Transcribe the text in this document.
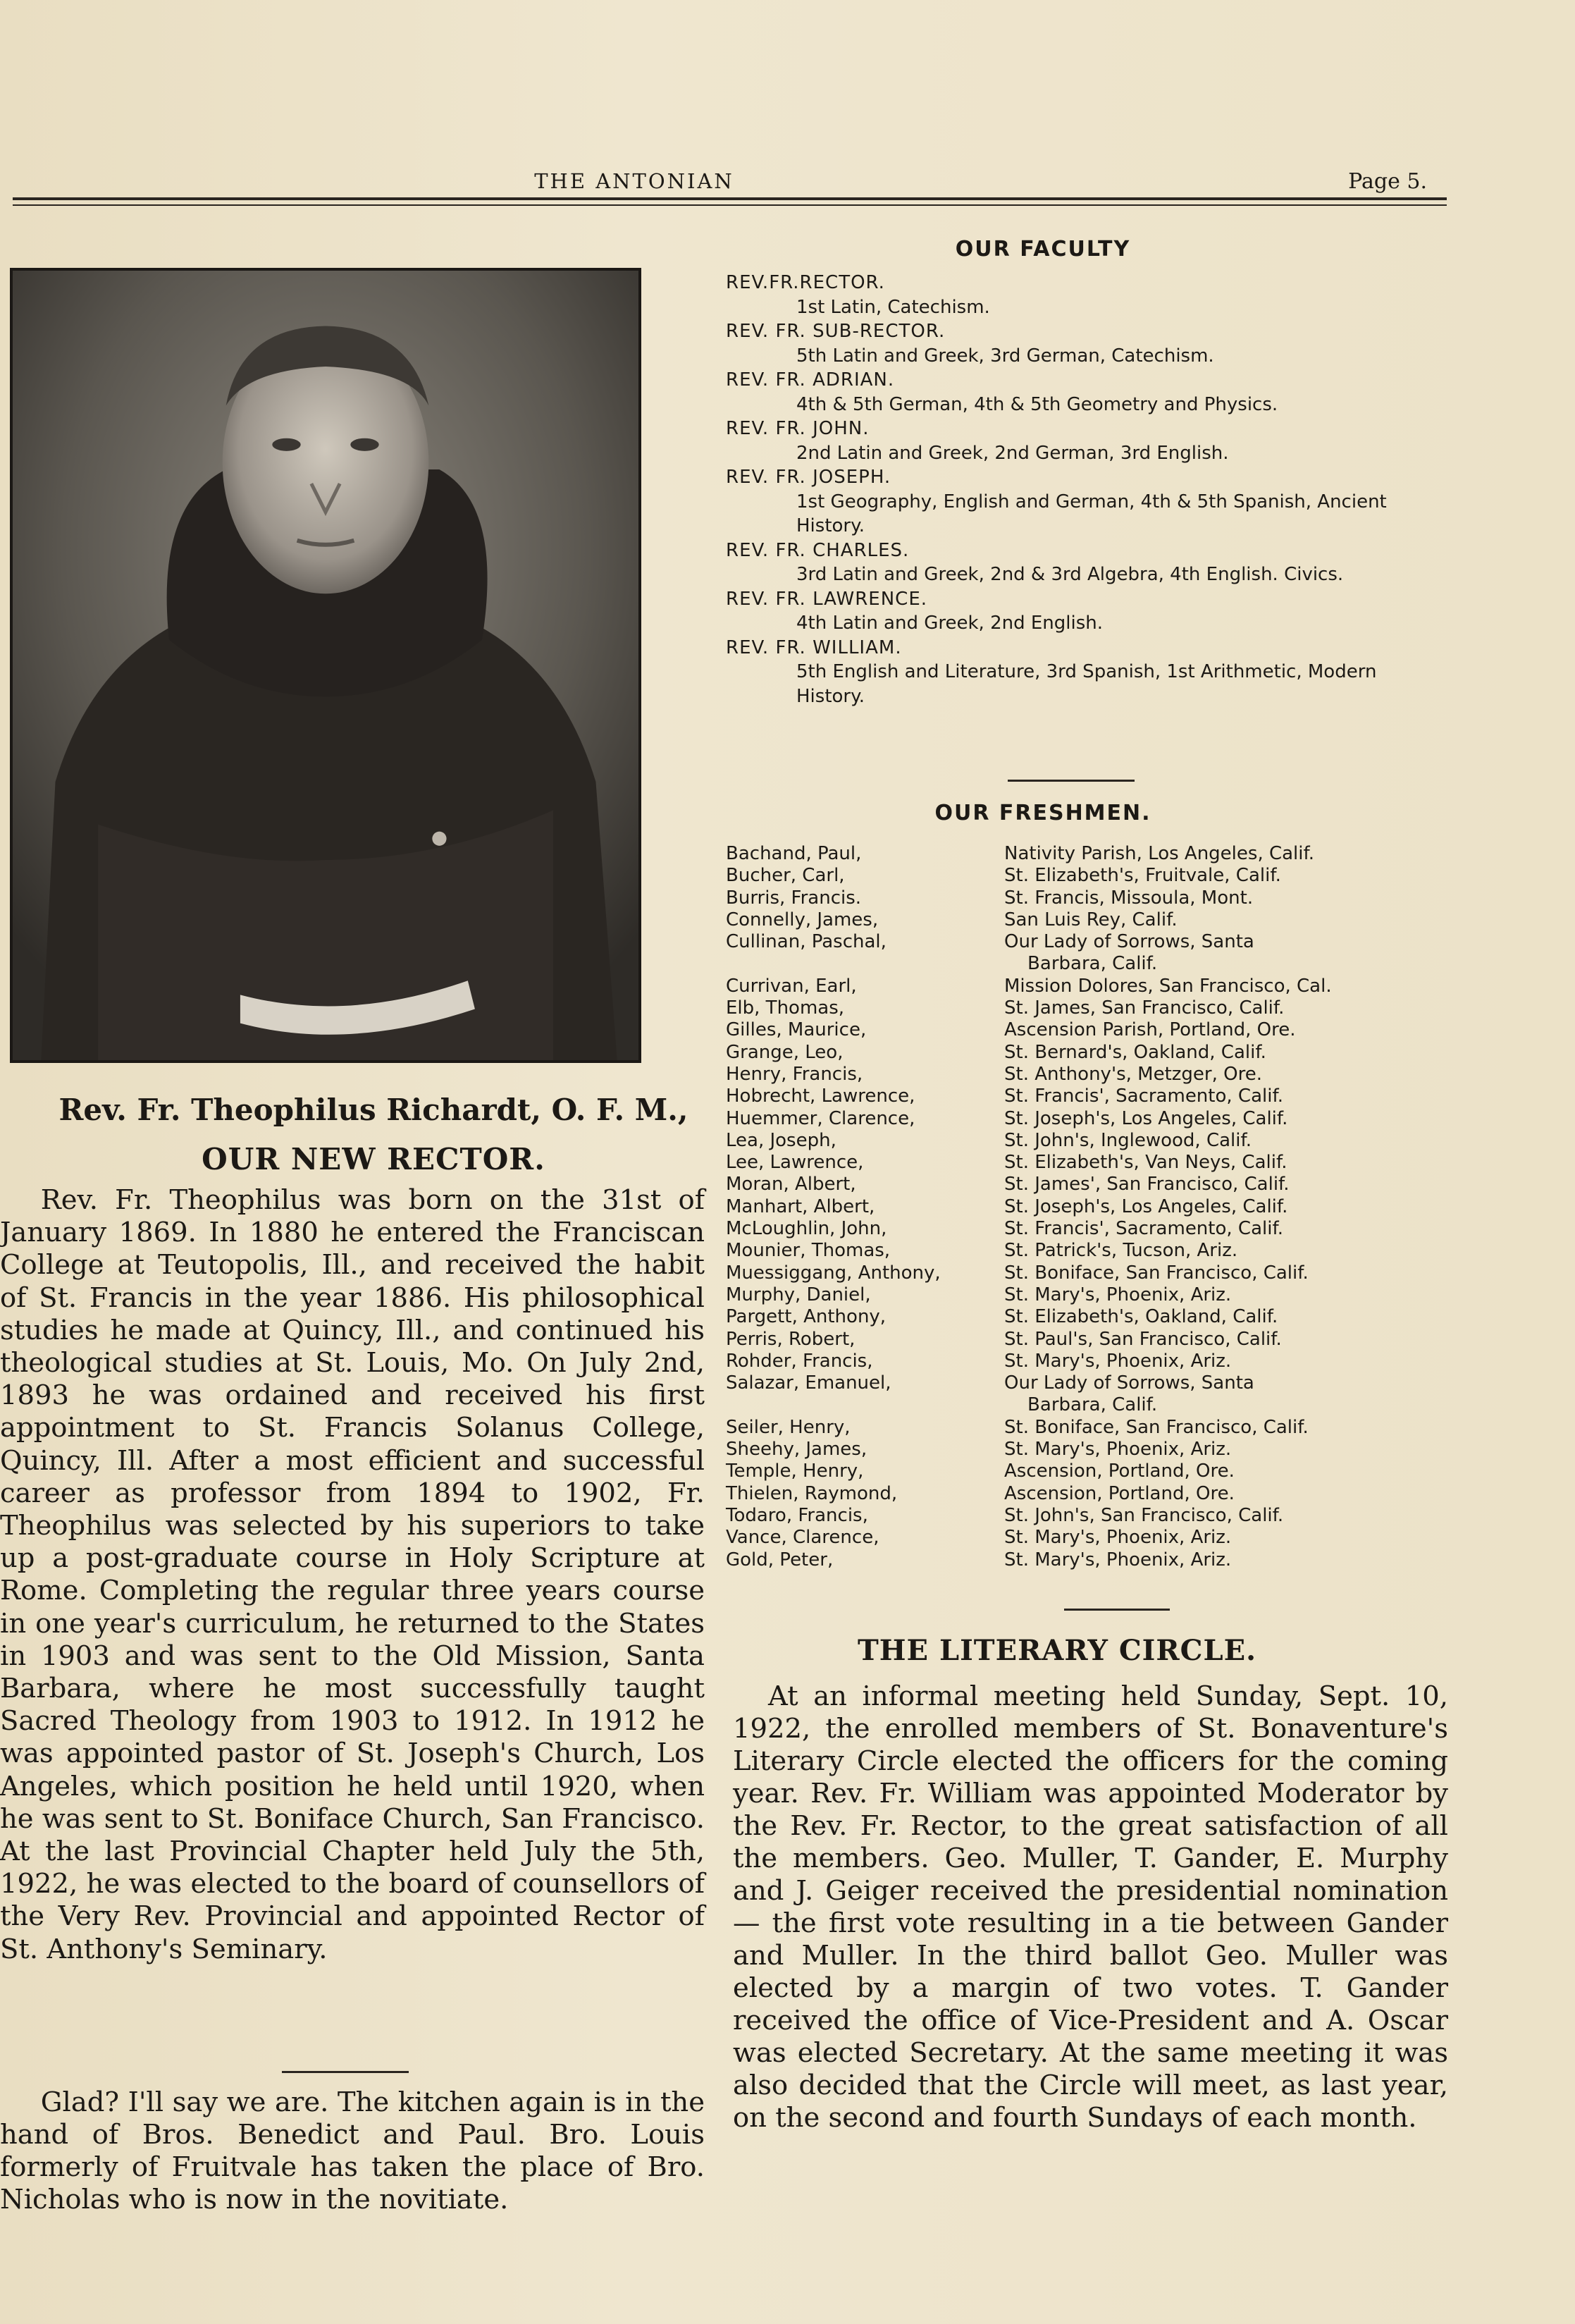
THE ANTONIAN	Page 5.
Rev. Fr. Theophilus Richardt, O. F. M.,
OUR NEW RECTOR.

Rev. Fr. Theophilus was born on the 31st of January 1869. In 1880 he entered the Franciscan College at Teutopolis, Ill., and received the habit of St. Francis in the year 1886. His philosophical studies he made at Quincy, Ill., and continued his theological studies at St. Louis, Mo. On July 2nd, 1893 he was ordained and received his first appointment to St. Francis Solanus College, Quincy, Ill. After a most efficient and successful career as professor from 1894 to 1902, Fr. Theophilus was selected by his superiors to take up a post-graduate course in Holy Scripture at Rome. Completing the regular three years course in one year's curriculum, he returned to the States in 1903 and was sent to the Old Mission, Santa Barbara, where he most successfully taught Sacred Theology from 1903 to 1912. In 1912 he was appointed pastor of St. Joseph's Church, Los Angeles, which position he held until 1920, when he was sent to St. Boniface Church, San Francisco. At the last Provincial Chapter held July the 5th, 1922, he was elected to the board of counsellors of the Very Rev. Provincial and appointed Rector of St. Anthony's Seminary.

Glad? I'll say we are. The kitchen again is in the hand of Bros. Benedict and Paul. Bro. Louis formerly of Fruitvale has taken the place of Bro. Nicholas who is now in the novitiate.

OUR FACULTY
REV.FR.RECTOR.
1st Latin, Catechism.
REV. FR. SUB-RECTOR.
5th Latin and Greek, 3rd German, Catechism.
REV. FR. ADRIAN.
4th & 5th German, 4th & 5th Geometry and Physics.
REV. FR. JOHN.
2nd Latin and Greek, 2nd German, 3rd English.
REV. FR. JOSEPH.
1st Geography, English and German, 4th & 5th Spanish, Ancient History.
REV. FR. CHARLES.
3rd Latin and Greek, 2nd & 3rd Algebra, 4th English. Civics.
REV. FR. LAWRENCE.
4th Latin and Greek, 2nd English.
REV. FR. WILLIAM.
5th English and Literature, 3rd Spanish, 1st Arithmetic, Modern History.
OUR FRESHMEN.
Bachand, Paul,	Nativity Parish, Los Angeles, Calif.
Bucher, Carl,	St. Elizabeth's, Fruitvale, Calif.
Burris, Francis.	St. Francis, Missoula, Mont.
Connelly, James,	San Luis Rey, Calif.
Cullinan, Paschal,	Our Lady of Sorrows, Santa
Barbara, Calif.
Currivan, Earl,	Mission Dolores, San Francisco, Cal.
Elb, Thomas,	St. James, San Francisco, Calif.
Gilles, Maurice,	Ascension Parish, Portland, Ore.
Grange, Leo,	St. Bernard's, Oakland, Calif.
Henry, Francis,	St. Anthony's, Metzger, Ore.
Hobrecht, Lawrence,	St. Francis', Sacramento, Calif.
Huemmer, Clarence,	St. Joseph's, Los Angeles, Calif.
Lea, Joseph,	St. John's, Inglewood, Calif.
Lee, Lawrence,	St. Elizabeth's, Van Neys, Calif.
Moran, Albert,	St. James', San Francisco, Calif.
Manhart, Albert,	St. Joseph's, Los Angeles, Calif.
McLoughlin, John,	St. Francis', Sacramento, Calif.
Mounier, Thomas,	St. Patrick's, Tucson, Ariz.
Muessiggang, Anthony,	St. Boniface, San Francisco, Calif.
Murphy, Daniel,	St. Mary's, Phoenix, Ariz.
Pargett, Anthony,	St. Elizabeth's, Oakland, Calif.
Perris, Robert,	St. Paul's, San Francisco, Calif.
Rohder, Francis,	St. Mary's, Phoenix, Ariz.
Salazar, Emanuel,	Our Lady of Sorrows, Santa
Barbara, Calif.
Seiler, Henry,	St. Boniface, San Francisco, Calif.
Sheehy, James,	St. Mary's, Phoenix, Ariz.
Temple, Henry,	Ascension, Portland, Ore.
Thielen, Raymond,	Ascension, Portland, Ore.
Todaro, Francis,	St. John's, San Francisco, Calif.
Vance, Clarence,	St. Mary's, Phoenix, Ariz.
Gold, Peter,	St. Mary's, Phoenix, Ariz.
THE LITERARY CIRCLE.

At an informal meeting held Sunday, Sept. 10, 1922, the enrolled members of St. Bonaventure's Literary Circle elected the officers for the coming year. Rev. Fr. William was appointed Moderator by the Rev. Fr. Rector, to the great satisfaction of all the members. Geo. Muller, T. Gander, E. Murphy and J. Geiger received the presidential nomination— the first vote resulting in a tie between Gander and Muller. In the third ballot Geo. Muller was elected by a margin of two votes. T. Gander received the office of Vice-President and A. Oscar was elected Secretary. At the same meeting it was also decided that the Circle will meet, as last year, on the second and fourth Sundays of each month.
